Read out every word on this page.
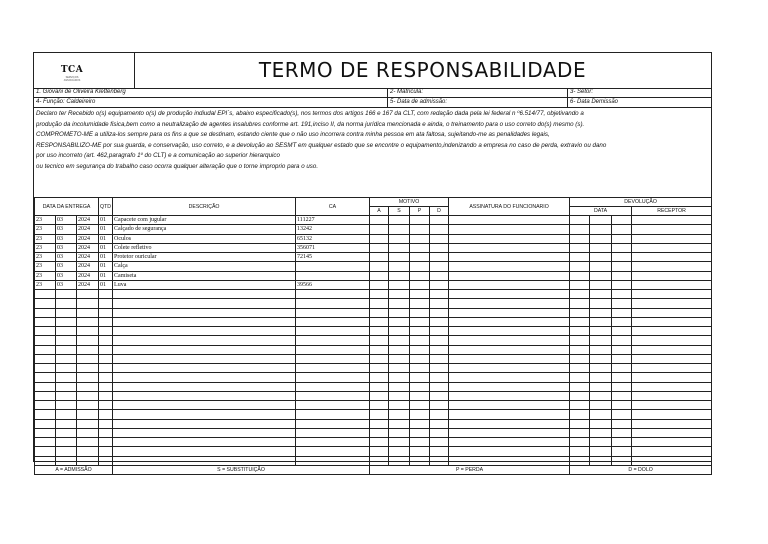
TCA
SERVIÇOS ASSOCIADOS	TERMO DE RESPONSABILIDADE
1. Giovani de Oliveira Klettenberg	2- Matricula:	3- Setor:
4- Função: Caldeireiro	5- Data de admissão:	6- Data Demissão
Declaro ter Recebido o(s) equipamento o(s) de produção indiudal EPI´s, abaixo especificado(s), nos termos dos artigos 166 e 167 da CLT, com redação dada pela lei federal n º6.514/77, objetivando a
produção da incolumidade fisica,bem como a neutralização de agentes insalubres conforme art. 191,inciso II, da norma jurídica mencionada e ainda, o treinamento para o uso correto do(s) mesmo (s).
COMPROMETO-ME a utiliza-los sempre para os fins a que se destinam, estando ciente que o não uso incorrera contra minha pessoa em ata faltosa, sujeitando-me as penalidades legais,
RESPONSABILIZO-ME por sua guarda, e conservação, uso correto, e a devolução ao SESMT em qualquer estado que se encontre o equipamento,indenizando a empresa no caso de perda, extravio ou dano
por uso incorreto (art. 462,paragrafo 1º do CLT) e a comunicação ao superior hierarquico
ou tecnico em segurança do trabalho caso ocorra qualquer alteração que o torne improprio para o uso.
DATA DA ENTREGA			QTD	DESCRIÇÃO	CA	MOTIVO				ASSINATURA DO FUNCIONARIO	DEVOLUÇÃO			
						A	S	P	D		DATA			RECEPTOR
23	03	2024	01	Capacete com jugular	111227									
23	03	2024	01	Calçado de segurança	13242									
23	03	2024	01	Oculos	65132									
23	03	2024	01	Colete refletivo	356071									
23	03	2024	01	Protetor ouricular	72145									
23	03	2024	01	Calça										
23	03	2024	01	Camiseta										
23	03	2024	01	Luva	39566									

A = ADMISSÃO				S = SUBSTITUIÇÃO		P = PERDA					D = DOLO			
